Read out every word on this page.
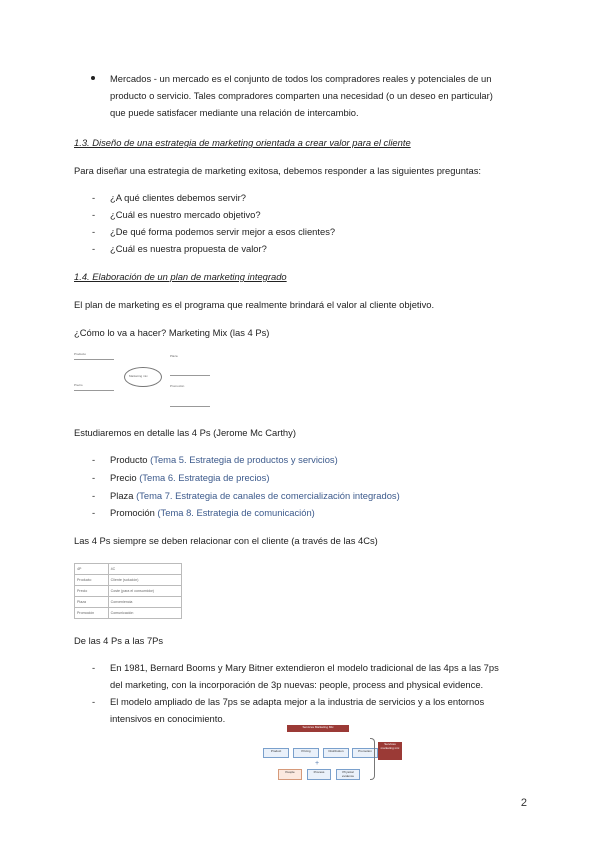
Mercados - un mercado es el conjunto de todos los compradores reales y potenciales de un
producto o servicio. Tales compradores comparten una necesidad (o un deseo en particular)
que puede satisfacer mediante una relación de intercambio.
1.3. Diseño de una estrategia de marketing orientada a crear valor para el cliente
Para diseñar una estrategia de marketing exitosa, debemos responder a las siguientes preguntas:
- ¿A qué clientes debemos servir?
- ¿Cuál es nuestro mercado objetivo?
- ¿De qué forma podemos servir mejor a esos clientes?
- ¿Cuál es nuestra propuesta de valor?
1.4. Elaboración de un plan de marketing integrado
El plan de marketing es el programa que realmente brindará el valor al cliente objetivo.
¿Cómo lo va a hacer? Marketing Mix (las 4 Ps)
Producto
Precio
Marketing mix
Plaza
Promoción
Estudiaremos en detalle las 4 Ps (Jerome Mc Carthy)
- Producto (Tema 5. Estrategia de productos y servicios)
- Precio (Tema 6. Estrategia de precios)
- Plaza (Tema 7. Estrategia de canales de comercialización integrados)
- Promoción (Tema 8. Estrategia de comunicación)
Las 4 Ps siempre se deben relacionar con el cliente (a través de las 4Cs)
4P	4C
Producto	Cliente (solución)
Precio	Coste (para el consumidor)
Plaza	Conveniencia
Promoción	Comunicación
De las 4 Ps a las 7Ps
- En 1981, Bernard Booms y Mary Bitner extendieron el modelo tradicional de las 4ps a las 7ps
del marketing, con la incorporación de 3p nuevas: people, process and physical evidence.
- El modelo ampliado de las 7ps se adapta mejor a la industria de servicios y a los entornos
intensivos en conocimiento.
Services Marketing Mix
Product	Pricing	Distribution	Promotion
+
People	Process	Physical evidence
Services marketing mix
2
